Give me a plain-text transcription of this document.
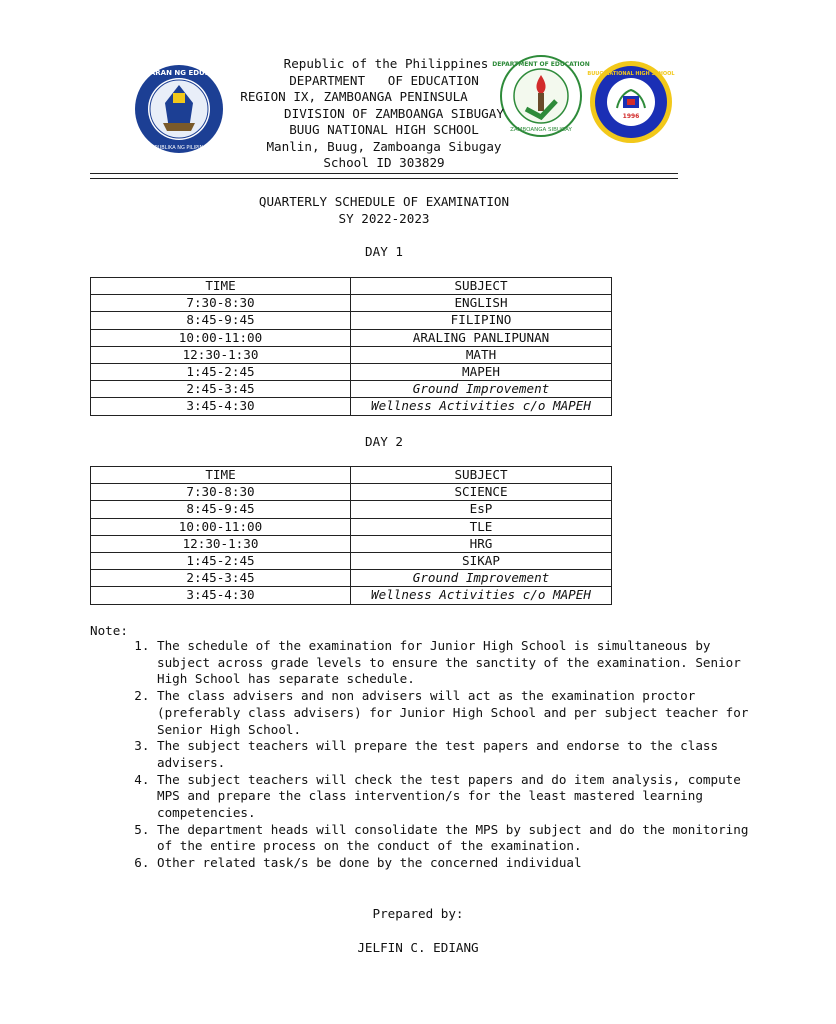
KAGAWARAN NG EDUKASYON
REPUBLIKA NG PILIPINAS
DEPARTMENT OF EDUCATION
ZAMBOANGA SIBUGAY
1996
BUUG NATIONAL HIGH SCHOOL
Republic of the Philippines
DEPARTMENT   OF EDUCATION
REGION IX, ZAMBOANGA PENINSULA
DIVISION OF ZAMBOANGA SIBUGAY
BUUG NATIONAL HIGH SCHOOL
Manlin, Buug, Zamboanga Sibugay
School ID 303829
QUARTERLY SCHEDULE OF EXAMINATION
SY 2022-2023
DAY 1
TIME	SUBJECT
7:30-8:30	ENGLISH
8:45-9:45	FILIPINO
10:00-11:00	ARALING PANLIPUNAN
12:30-1:30	MATH
1:45-2:45	MAPEH
2:45-3:45	Ground Improvement
3:45-4:30	Wellness Activities c/o MAPEH
DAY 2
TIME	SUBJECT
7:30-8:30	SCIENCE
8:45-9:45	EsP
10:00-11:00	TLE
12:30-1:30	HRG
1:45-2:45	SIKAP
2:45-3:45	Ground Improvement
3:45-4:30	Wellness Activities c/o MAPEH
Note:
1. The schedule of the examination for Junior High School is simultaneous by subject across grade levels to ensure the sanctity of the examination. Senior High School has separate schedule.
2. The class advisers and non advisers will act as the examination proctor (preferably class advisers) for Junior High School and per subject teacher for Senior High School.
3. The subject teachers will prepare the test papers and endorse to the class advisers.
4. The subject teachers will check the test papers and do item analysis, compute MPS and prepare the class intervention/s for the least mastered learning competencies.
5. The department heads will consolidate the MPS by subject and do the monitoring of the entire process on the conduct of the examination.
6. Other related task/s be done by the concerned individual
Prepared by:
JELFIN C. EDIANG
